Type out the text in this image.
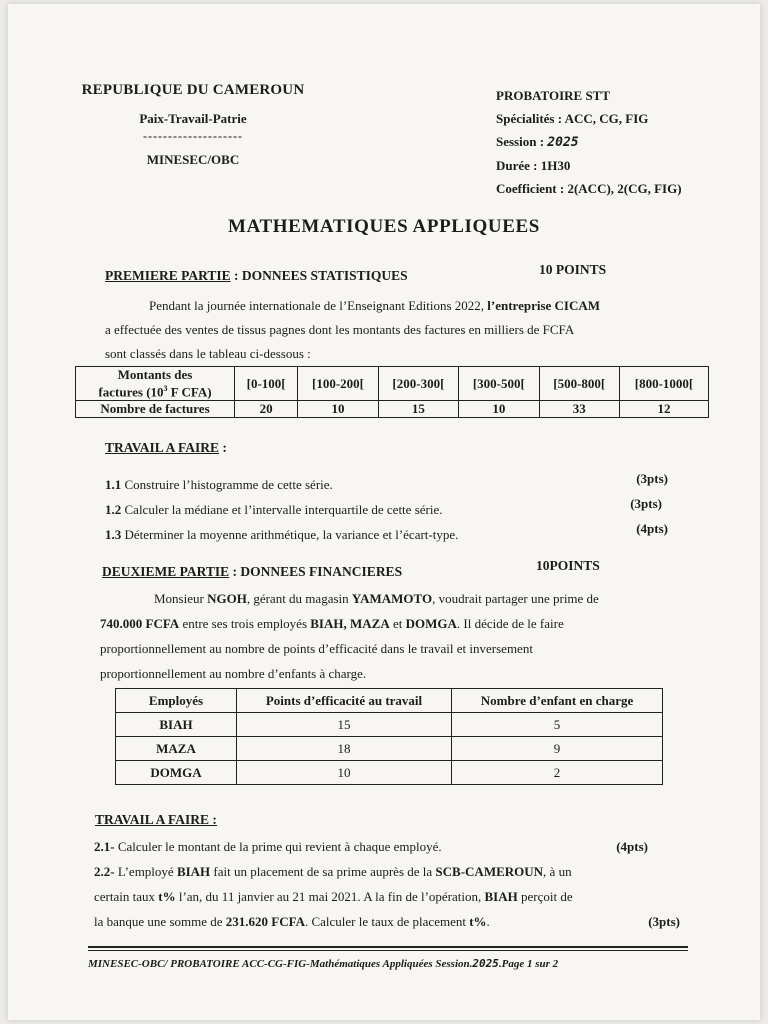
REPUBLIQUE DU CAMEROUN
Paix-Travail-Patrie
--------------------
MINESEC/OBC
PROBATOIRE STT
Spécialités : ACC, CG, FIG
Session : 2025
Durée : 1H30
Coefficient : 2(ACC), 2(CG, FIG)
MATHEMATIQUES APPLIQUEES
PREMIERE PARTIE : DONNEES STATISTIQUES	10 POINTS
Pendant la journée internationale de l’Enseignant Editions 2022, l’entreprise CICAM
a effectuée des ventes de tissus pagnes dont les montants des factures en milliers de FCFA
sont classés dans le tableau ci-dessous :
Montants des
factures ($10^3$ F CFA)	[0-100[	[100-200[	[200-300[	[300-500[	[500-800[	[800-1000[
Nombre de factures	20	10	15	10	33	12
TRAVAIL A FAIRE :
1.1 Construire l’histogramme de cette série.	(3pts)
1.2 Calculer la médiane et l’intervalle interquartile de cette série.	(3pts)
1.3 Déterminer la moyenne arithmétique, la variance et l’écart-type.	(4pts)
DEUXIEME PARTIE : DONNEES FINANCIERES	10POINTS
Monsieur NGOH, gérant du magasin YAMAMOTO, voudrait partager une prime de
740.000 FCFA entre ses trois employés BIAH, MAZA et DOMGA. Il décide de le faire
proportionnellement au nombre de points d’efficacité dans le travail et inversement
proportionnellement au nombre d’enfants à charge.
Employés	Points d’efficacité au travail	Nombre d’enfant en charge
BIAH	15	5
MAZA	18	9
DOMGA	10	2
TRAVAIL A FAIRE :
2.1- Calculer le montant de la prime qui revient à chaque employé.	(4pts)
2.2- L’employé BIAH fait un placement de sa prime auprès de la SCB-CAMEROUN, à un
certain taux t% l’an, du 11 janvier au 21 mai 2021. A la fin de l’opération, BIAH perçoit de
la banque une somme de 231.620 FCFA. Calculer le taux de placement t%.	(3pts)
MINESEC-OBC/ PROBATOIRE ACC-CG-FIG-Mathématiques Appliquées Session.2025.Page 1 sur 2
